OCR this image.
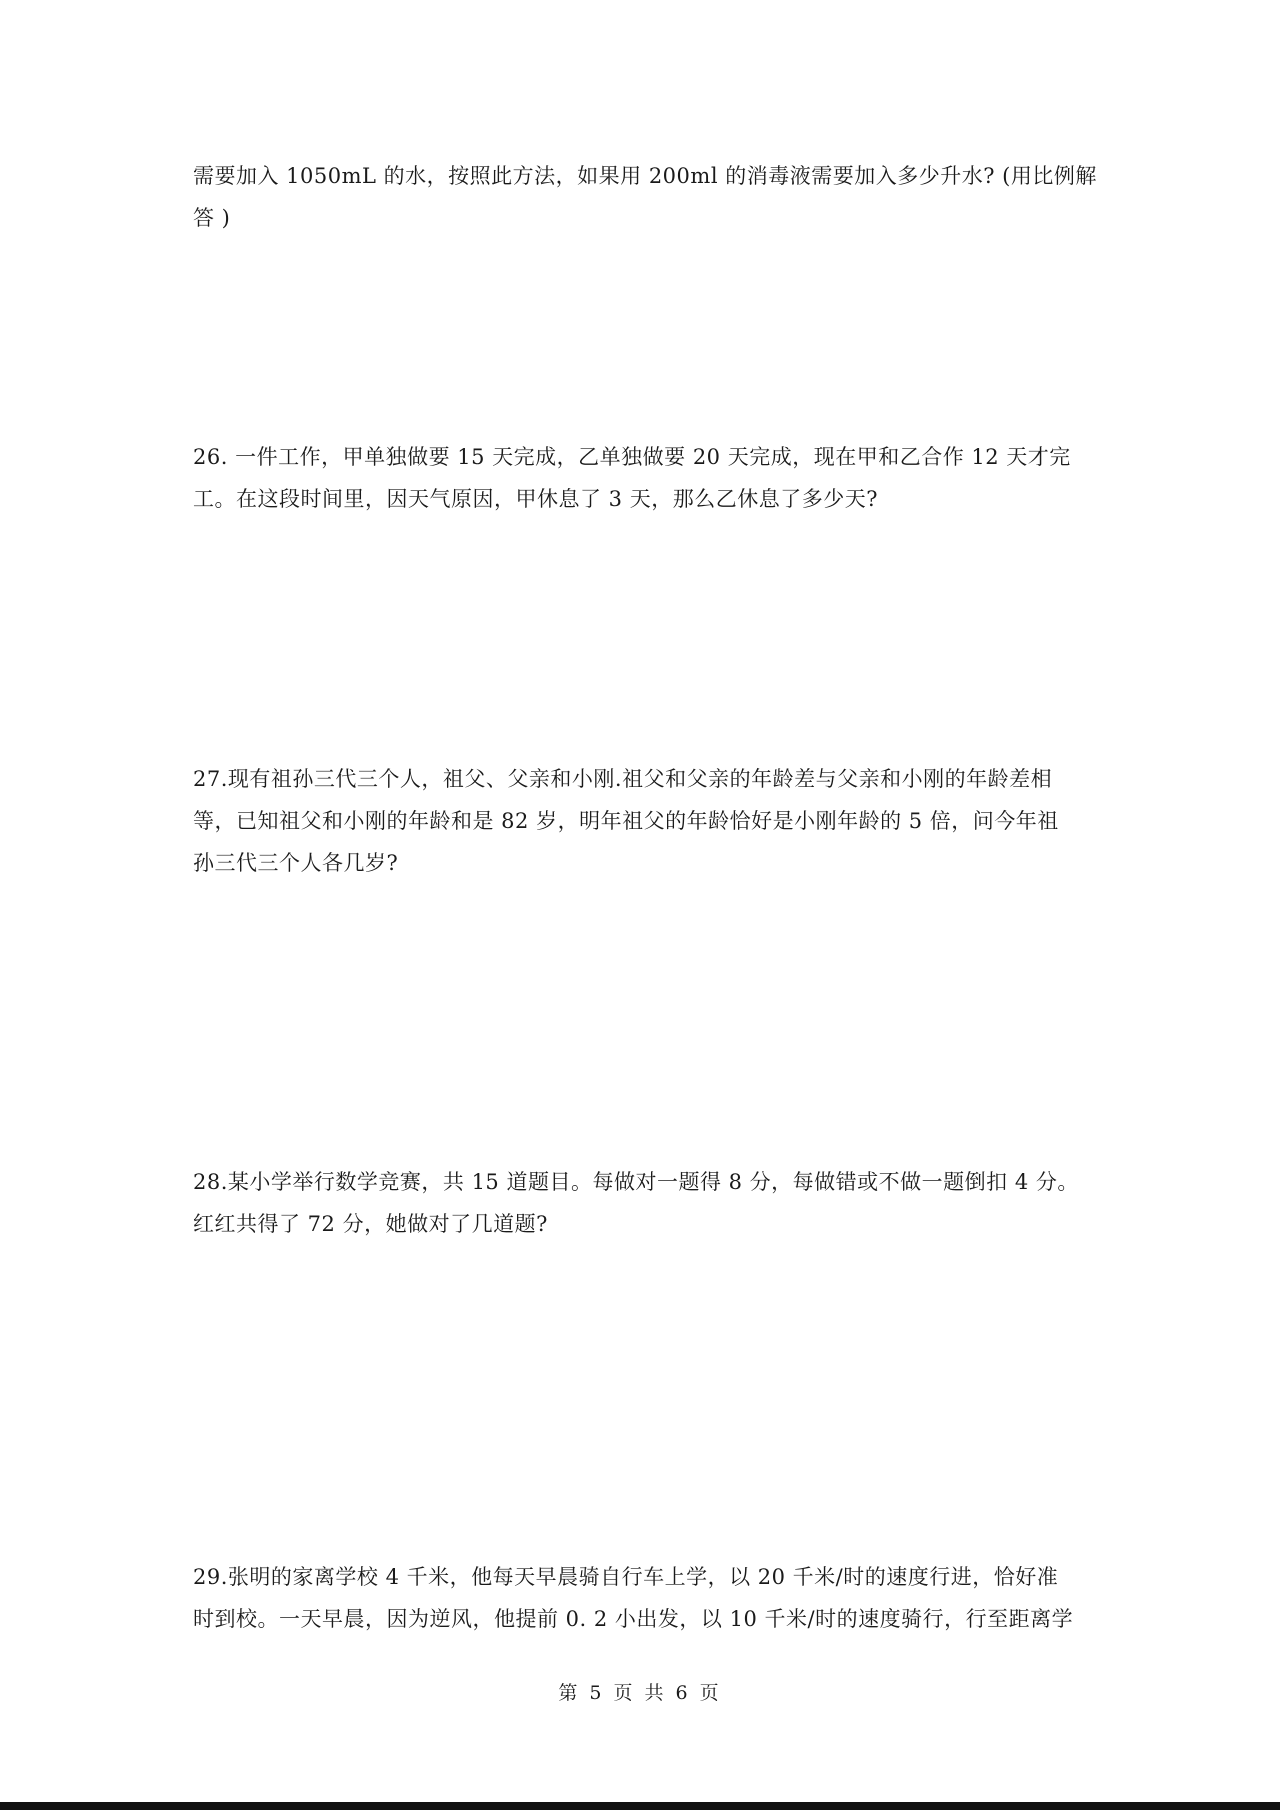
需要加入 1050mL 的水，按照此方法，如果用 200ml 的消毒液需要加入多少升水? (用比例解
答 )
26. 一件工作，甲单独做要 15 天完成，乙单独做要 20 天完成，现在甲和乙合作 12 天才完
工。在这段时间里，因天气原因，甲休息了 3 天，那么乙休息了多少天?
27.现有祖孙三代三个人，祖父、父亲和小刚.祖父和父亲的年龄差与父亲和小刚的年龄差相
等，已知祖父和小刚的年龄和是 82 岁，明年祖父的年龄恰好是小刚年龄的 5 倍，问今年祖
孙三代三个人各几岁?
28.某小学举行数学竞赛，共 15 道题目。每做对一题得 8 分，每做错或不做一题倒扣 4 分。
红红共得了 72 分，她做对了几道题?
29.张明的家离学校 4 千米，他每天早晨骑自行车上学，以 20 千米/时的速度行进，恰好准
时到校。一天早晨，因为逆风，他提前 0. 2 小出发，以 10 千米/时的速度骑行，行至距离学
第 5 页 共 6 页
